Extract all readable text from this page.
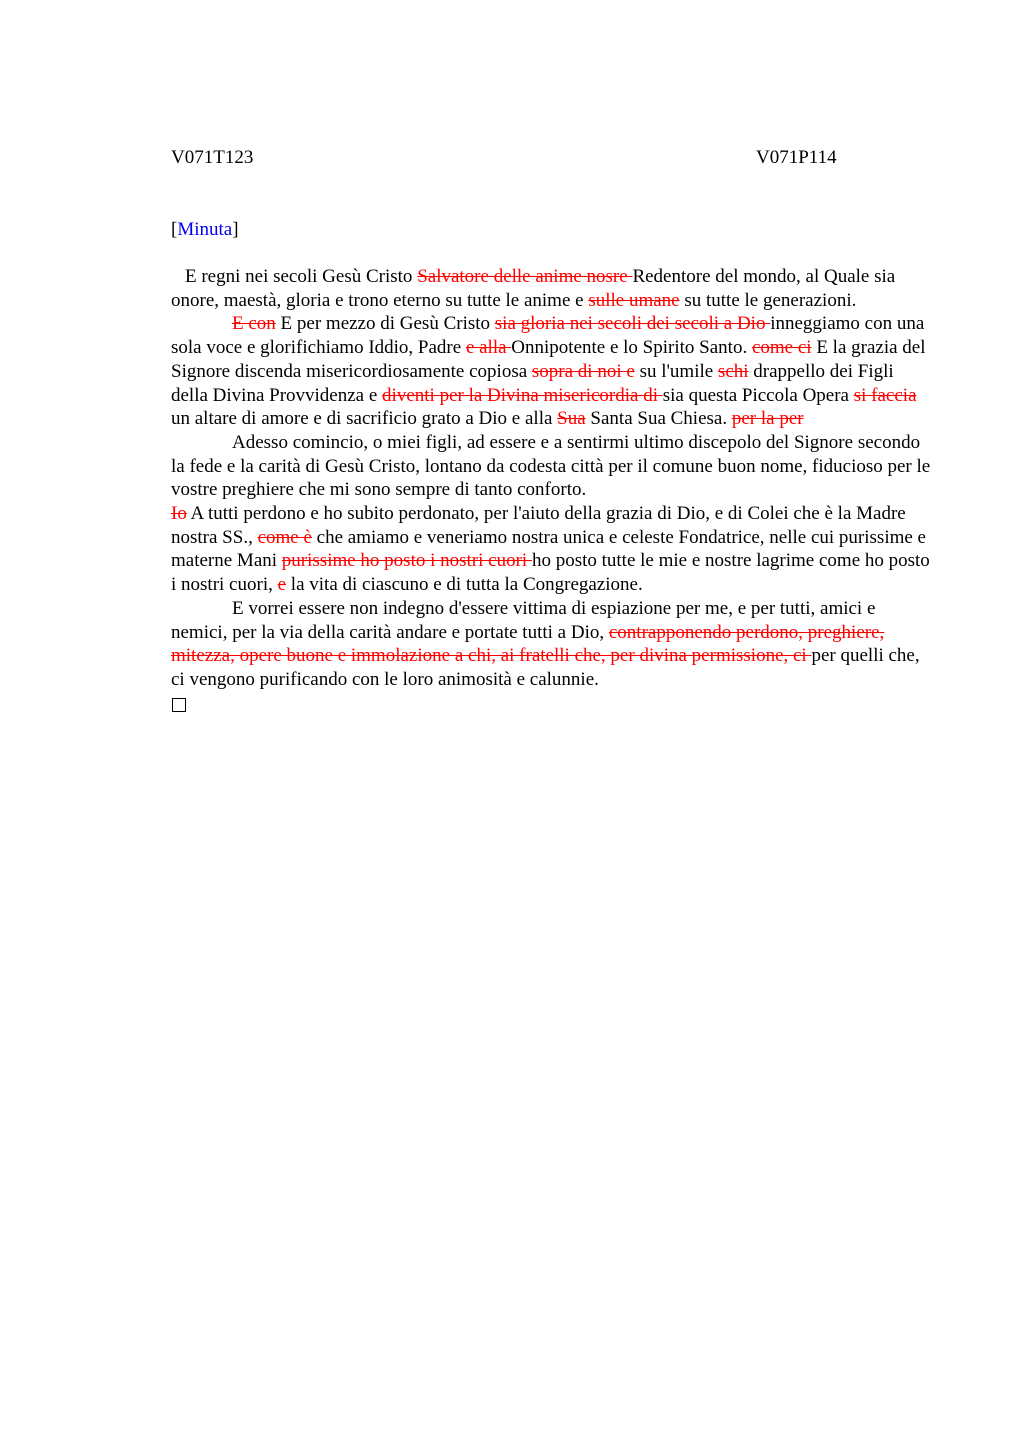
V071T123	V071P114
[Minuta]

E regni nei secoli Gesù Cristo Salvatore delle anime nosre Redentore del mondo, al Quale sia onore, maestà, gloria e trono eterno su tutte le anime e sulle umane su tutte le generazioni.

E con E per mezzo di Gesù Cristo sia gloria nei secoli dei secoli a Dio inneggiamo con una sola voce e glorifichiamo Iddio, Padre e alla Onnipotente e lo Spirito Santo. come ci E la grazia del Signore discenda misericordiosamente copiosa sopra di noi e su l'umile schi drappello dei Figli della Divina Provvidenza e diventi per la Divina misericordia di sia questa Piccola Opera si faccia un altare di amore e di sacrificio grato a Dio e alla Sua Santa Sua Chiesa. per la per

Adesso comincio, o miei figli, ad essere e a sentirmi ultimo discepolo del Signore secondo la fede e la carità di Gesù Cristo, lontano da codesta città per il comune buon nome, fiducioso per le vostre preghiere che mi sono sempre di tanto conforto.

Io A tutti perdono e ho subito perdonato, per l'aiuto della grazia di Dio, e di Colei che è la Madre nostra SS., come è che amiamo e veneriamo nostra unica e celeste Fondatrice, nelle cui purissime e materne Mani purissime ho posto i nostri cuori ho posto tutte le mie e nostre lagrime come ho posto i nostri cuori, e la vita di ciascuno e di tutta la Congregazione.

E vorrei essere non indegno d'essere vittima di espiazione per me, e per tutti, amici e nemici, per la via della carità andare e portate tutti a Dio, contrapponendo perdono, preghiere, mitezza, opere buone e immolazione a chi, ai fratelli che, per divina permissione, ci per quelli che, ci vengono purificando con le loro animosità e calunnie.
